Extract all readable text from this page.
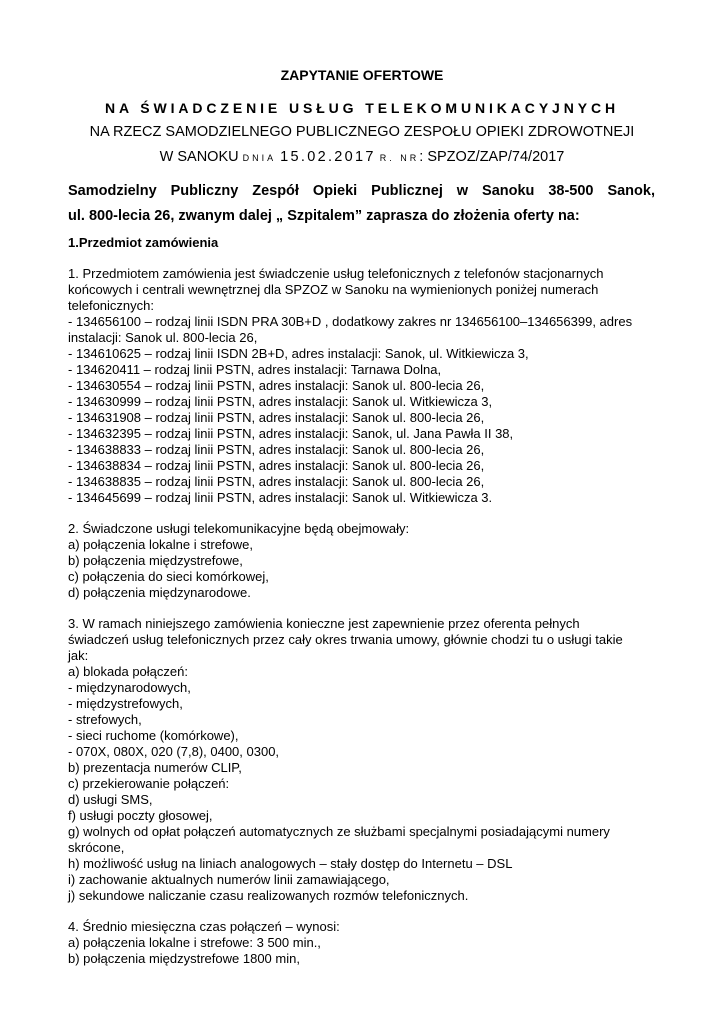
ZAPYTANIE OFERTOWE
NA ŚWIADCZENIE USŁUG TELEKOMUNIKACYJNYCH
NA RZECZ SAMODZIELNEGO PUBLICZNEGO ZESPOŁU OPIEKI ZDROWOTNEJI
W SANOKU DNIA 15.02.2017 R. NR: SPZOZ/ZAP/74/2017
Samodzielny Publiczny Zespół Opieki Publicznej w Sanoku 38-500 Sanok,
ul. 800-lecia 26, zwanym dalej „ Szpitalem” zaprasza do złożenia oferty na:
1.Przedmiot zamówienia
1. Przedmiotem zamówienia jest świadczenie usług telefonicznych z telefonów stacjonarnych
końcowych i centrali wewnętrznej dla SPZOZ w Sanoku na wymienionych poniżej numerach
telefonicznych:
- 134656100 – rodzaj linii ISDN PRA 30B+D , dodatkowy zakres nr 134656100–134656399, adres
instalacji: Sanok ul. 800-lecia 26,
- 134610625 – rodzaj linii ISDN 2B+D, adres instalacji: Sanok, ul. Witkiewicza 3,
- 134620411 – rodzaj linii PSTN, adres instalacji: Tarnawa Dolna,
- 134630554 – rodzaj linii PSTN, adres instalacji: Sanok ul. 800-lecia 26,
- 134630999 – rodzaj linii PSTN, adres instalacji: Sanok ul. Witkiewicza 3,
- 134631908 – rodzaj linii PSTN, adres instalacji: Sanok ul. 800-lecia 26,
- 134632395 – rodzaj linii PSTN, adres instalacji: Sanok, ul. Jana Pawła II 38,
- 134638833 – rodzaj linii PSTN, adres instalacji: Sanok ul. 800-lecia 26,
- 134638834 – rodzaj linii PSTN, adres instalacji: Sanok ul. 800-lecia 26,
- 134638835 – rodzaj linii PSTN, adres instalacji: Sanok ul. 800-lecia 26,
- 134645699 – rodzaj linii PSTN, adres instalacji: Sanok ul. Witkiewicza 3.
2. Świadczone usługi telekomunikacyjne będą obejmowały:
a) połączenia lokalne i strefowe,
b) połączenia międzystrefowe,
c) połączenia do sieci komórkowej,
d) połączenia międzynarodowe.
3. W ramach niniejszego zamówienia konieczne jest zapewnienie przez oferenta pełnych
świadczeń usług telefonicznych przez cały okres trwania umowy, głównie chodzi tu o usługi takie
jak:
a) blokada połączeń:
- międzynarodowych,
- międzystrefowych,
- strefowych,
- sieci ruchome (komórkowe),
- 070X, 080X, 020 (7,8), 0400, 0300,
b) prezentacja numerów CLIP,
c) przekierowanie połączeń:
d) usługi SMS,
f) usługi poczty głosowej,
g) wolnych od opłat połączeń automatycznych ze służbami specjalnymi posiadającymi numery
skrócone,
h) możliwość usług na liniach analogowych – stały dostęp do Internetu – DSL
i) zachowanie aktualnych numerów linii zamawiającego,
j) sekundowe naliczanie czasu realizowanych rozmów telefonicznych.
4. Średnio miesięczna czas połączeń – wynosi:
a) połączenia lokalne i strefowe: 3 500 min.,
b) połączenia międzystrefowe 1800 min,
